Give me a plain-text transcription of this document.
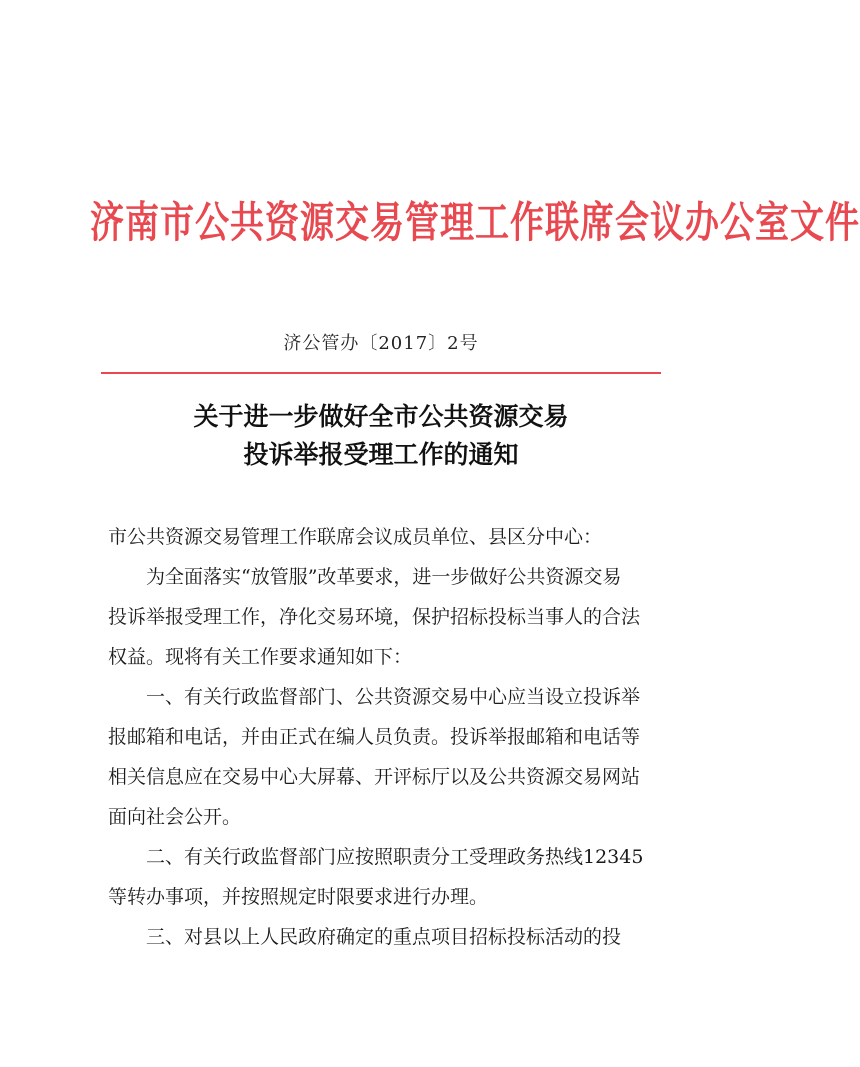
济南市公共资源交易管理工作联席会议办公室文件
济公管办〔2017〕2号
关于进一步做好全市公共资源交易
投诉举报受理工作的通知
市公共资源交易管理工作联席会议成员单位、县区分中心：
为全面落实“放管服”改革要求，进一步做好公共资源交易
投诉举报受理工作，净化交易环境，保护招标投标当事人的合法
权益。现将有关工作要求通知如下：
一、有关行政监督部门、公共资源交易中心应当设立投诉举
报邮箱和电话，并由正式在编人员负责。投诉举报邮箱和电话等
相关信息应在交易中心大屏幕、开评标厅以及公共资源交易网站
面向社会公开。
二、有关行政监督部门应按照职责分工受理政务热线12345
等转办事项，并按照规定时限要求进行办理。
三、对县以上人民政府确定的重点项目招标投标活动的投
